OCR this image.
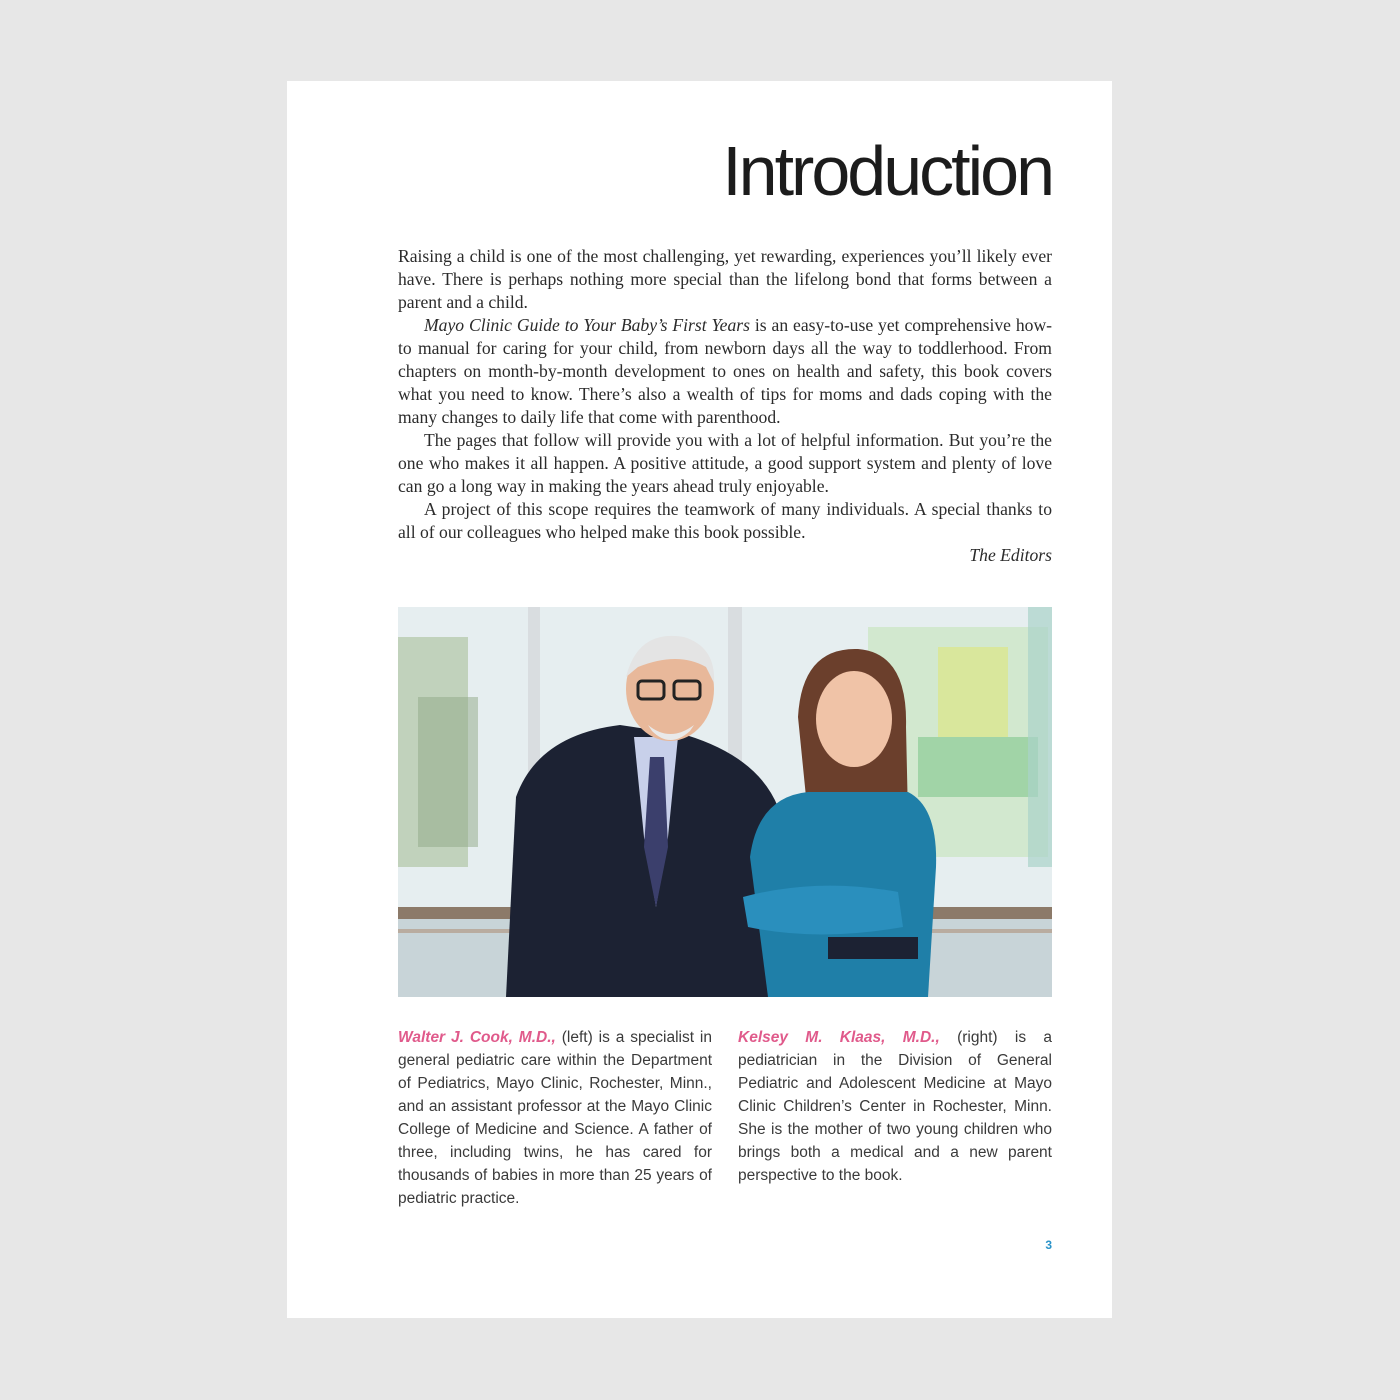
Introduction

Raising a child is one of the most challenging, yet rewarding, experiences you’ll likely ever have. There is perhaps nothing more special than the lifelong bond that forms between a parent and a child.

Mayo Clinic Guide to Your Baby’s First Years is an easy-to-use yet comprehensive how-to manual for caring for your child, from newborn days all the way to toddlerhood. From chapters on month-by-month development to ones on health and safety, this book covers what you need to know. There’s also a wealth of tips for moms and dads coping with the many changes to daily life that come with parenthood.

The pages that follow will provide you with a lot of helpful information. But you’re the one who makes it all happen. A positive attitude, a good support system and plenty of love can go a long way in making the years ahead truly enjoyable.

A project of this scope requires the teamwork of many individuals. A special thanks to all of our colleagues who helped make this book possible.

The Editors

Walter J. Cook, M.D., (left) is a specialist in general pediatric care within the Department of Pediatrics, Mayo Clinic, Rochester, Minn., and an assistant professor at the Mayo Clinic College of Medicine and Science. A father of three, including twins, he has cared for thousands of babies in more than 25 years of pediatric practice.

Kelsey M. Klaas, M.D., (right) is a pediatrician in the Division of General Pediatric and Adolescent Medicine at Mayo Clinic Children’s Center in Rochester, Minn. She is the mother of two young children who brings both a medical and a new parent perspective to the book.

3
